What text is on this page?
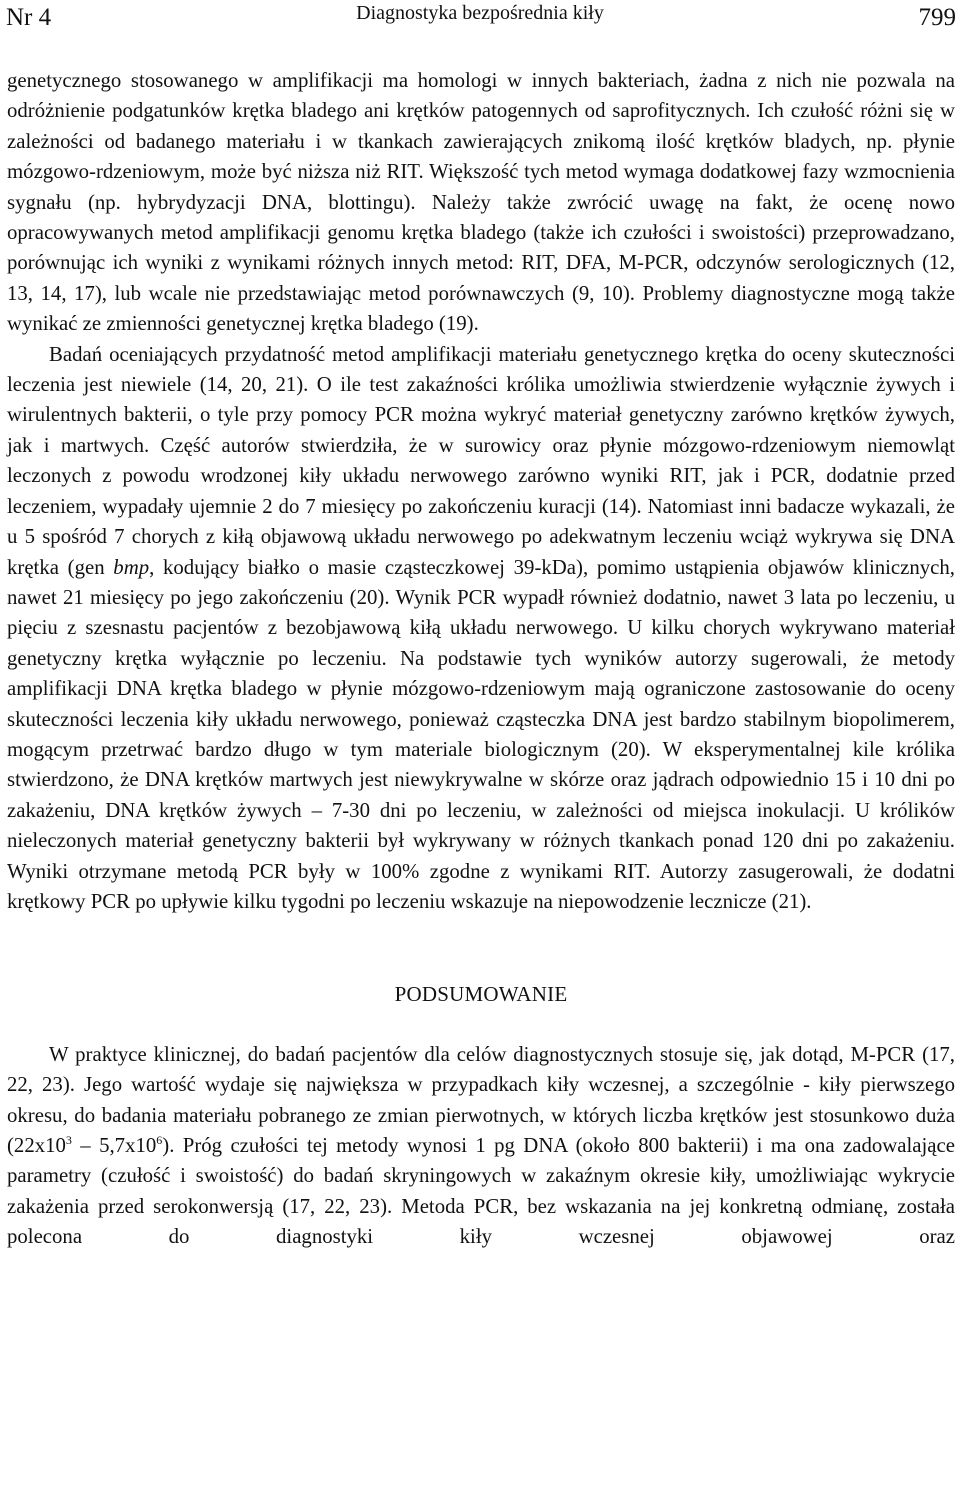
Nr 4	Diagnostyka bezpośrednia kiły	799

genetycznego stosowanego w amplifikacji ma homologi w innych bakteriach, żadna z nich nie pozwala na odróżnienie podgatunków krętka bladego ani krętków patogennych od saprofitycznych. Ich czułość różni się w zależności od badanego materiału i w tkankach zawierających znikomą ilość krętków bladych, np. płynie mózgowo-rdzeniowym, może być niższa niż RIT. Większość tych metod wymaga dodatkowej fazy wzmocnienia sygnału (np. hybrydyzacji DNA, blottingu). Należy także zwrócić uwagę na fakt, że ocenę nowo opracowywanych metod amplifikacji genomu krętka bladego (także ich czułości i swoistości) przeprowadzano, porównując ich wyniki z wynikami różnych innych metod: RIT, DFA, M-PCR, odczynów serologicznych (12, 13, 14, 17), lub wcale nie przedstawiając metod porównawczych (9, 10). Problemy diagnostyczne mogą także wynikać ze zmienności genetycznej krętka bladego (19).

Badań oceniających przydatność metod amplifikacji materiału genetycznego krętka do oceny skuteczności leczenia jest niewiele (14, 20, 21). O ile test zakaźności królika umożliwia stwierdzenie wyłącznie żywych i wirulentnych bakterii, o tyle przy pomocy PCR można wykryć materiał genetyczny zarówno krętków żywych, jak i martwych. Część autorów stwierdziła, że w surowicy oraz płynie mózgowo-rdzeniowym niemowląt leczonych z powodu wrodzonej kiły układu nerwowego zarówno wyniki RIT, jak i PCR, dodatnie przed leczeniem, wypadały ujemnie 2 do 7 miesięcy po zakończeniu kuracji (14). Natomiast inni badacze wykazali, że u 5 spośród 7 chorych z kiłą objawową układu nerwowego po adekwatnym leczeniu wciąż wykrywa się DNA krętka (gen bmp, kodujący białko o masie cząsteczkowej 39-kDa), pomimo ustąpienia objawów klinicznych, nawet 21 miesięcy po jego zakończeniu (20). Wynik PCR wypadł również dodatnio, nawet 3 lata po leczeniu, u pięciu z szesnastu pacjentów z bezobjawową kiłą układu nerwowego. U kilku chorych wykrywano materiał genetyczny krętka wyłącznie po leczeniu. Na podstawie tych wyników autorzy sugerowali, że metody amplifikacji DNA krętka bladego w płynie mózgowo-rdzeniowym mają ograniczone zastosowanie do oceny skuteczności leczenia kiły układu nerwowego, ponieważ cząsteczka DNA jest bardzo stabilnym biopolimerem, mogącym przetrwać bardzo długo w tym materiale biologicznym (20). W eksperymentalnej kile królika stwierdzono, że DNA krętków martwych jest niewykrywalne w skórze oraz jądrach odpowiednio 15 i 10 dni po zakażeniu, DNA krętków żywych – 7-30 dni po leczeniu, w zależności od miejsca inokulacji. U królików nieleczonych materiał genetyczny bakterii był wykrywany w różnych tkankach ponad 120 dni po zakażeniu. Wyniki otrzymane metodą PCR były w 100% zgodne z wynikami RIT. Autorzy zasugerowali, że dodatni krętkowy PCR po upływie kilku tygodni po leczeniu wskazuje na niepowodzenie lecznicze (21).

PODSUMOWANIE

W praktyce klinicznej, do badań pacjentów dla celów diagnostycznych stosuje się, jak dotąd, M-PCR (17, 22, 23). Jego wartość wydaje się największa w przypadkach kiły wczesnej, a szczególnie - kiły pierwszego okresu, do badania materiału pobranego ze zmian pierwotnych, w których liczba krętków jest stosunkowo duża $(22x10^3 - 5,7x10^6)$. Próg czułości tej metody wynosi 1 pg DNA (około 800 bakterii) i ma ona zadowalające parametry (czułość i swoistość) do badań skryningowych w zakaźnym okresie kiły, umożliwiając wykrycie zakażenia przed serokonwersją (17, 22, 23). Metoda PCR, bez wskazania na jej konkretną odmianę, została polecona do diagnostyki kiły wczesnej objawowej oraz
